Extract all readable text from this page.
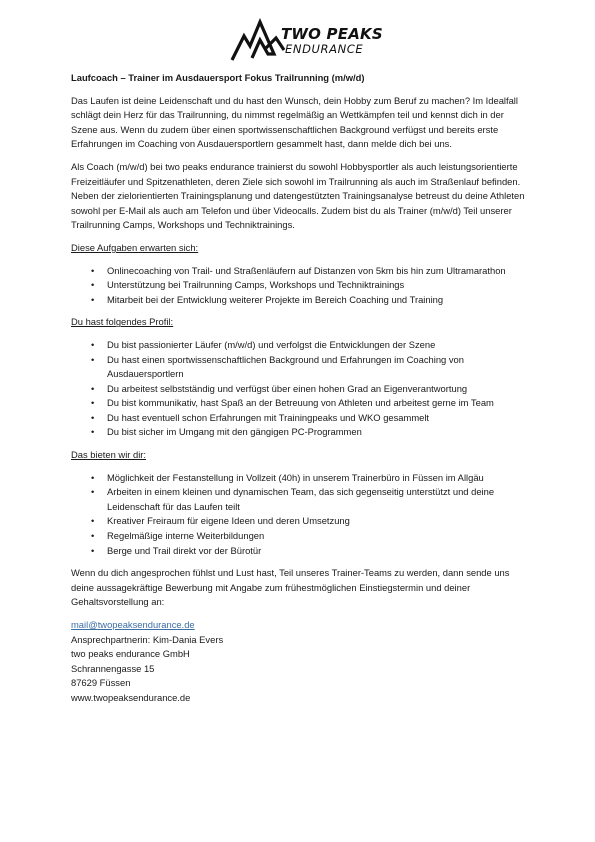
TWO PEAKS
ENDURANCE
Laufcoach – Trainer im Ausdauersport Fokus Trailrunning (m/w/d)

Das Laufen ist deine Leidenschaft und du hast den Wunsch, dein Hobby zum Beruf zu machen? Im Idealfall schlägt dein Herz für das Trailrunning, du nimmst regelmäßig an Wettkämpfen teil und kennst dich in der Szene aus. Wenn du zudem über einen sportwissenschaftlichen Background verfügst und bereits erste Erfahrungen im Coaching von Ausdauersportlern gesammelt hast, dann melde dich bei uns.

Als Coach (m/w/d) bei two peaks endurance trainierst du sowohl Hobbysportler als auch leistungsorientierte Freizeitläufer und Spitzenathleten, deren Ziele sich sowohl im Trailrunning als auch im Straßenlauf befinden. Neben der zielorientierten Trainingsplanung und datengestützten Trainingsanalyse betreust du deine Athleten sowohl per E-Mail als auch am Telefon und über Videocalls. Zudem bist du als Trainer (m/w/d) Teil unserer Trailrunning Camps, Workshops und Techniktrainings.

Diese Aufgaben erwarten sich:
• Onlinecoaching von Trail- und Straßenläufern auf Distanzen von 5km bis hin zum Ultramarathon
• Unterstützung bei Trailrunning Camps, Workshops und Techniktrainings
• Mitarbeit bei der Entwicklung weiterer Projekte im Bereich Coaching und Training
Du hast folgendes Profil:
• Du bist passionierter Läufer (m/w/d) und verfolgst die Entwicklungen der Szene
• Du hast einen sportwissenschaftlichen Background und Erfahrungen im Coaching von Ausdauersportlern
• Du arbeitest selbstständig und verfügst über einen hohen Grad an Eigenverantwortung
• Du bist kommunikativ, hast Spaß an der Betreuung von Athleten und arbeitest gerne im Team
• Du hast eventuell schon Erfahrungen mit Trainingpeaks und WKO gesammelt
• Du bist sicher im Umgang mit den gängigen PC-Programmen
Das bieten wir dir:
• Möglichkeit der Festanstellung in Vollzeit (40h) in unserem Trainerbüro in Füssen im Allgäu
• Arbeiten in einem kleinen und dynamischen Team, das sich gegenseitig unterstützt und deine Leidenschaft für das Laufen teilt
• Kreativer Freiraum für eigene Ideen und deren Umsetzung
• Regelmäßige interne Weiterbildungen
• Berge und Trail direkt vor der Bürotür

Wenn du dich angesprochen fühlst und Lust hast, Teil unseres Trainer-Teams zu werden, dann sende uns deine aussagekräftige Bewerbung mit Angabe zum frühestmöglichen Einstiegstermin und deiner Gehaltsvorstellung an:

mail@twopeaksendurance.de
Ansprechpartnerin: Kim-Dania Evers
two peaks endurance GmbH
Schrannengasse 15
87629 Füssen
www.twopeaksendurance.de
